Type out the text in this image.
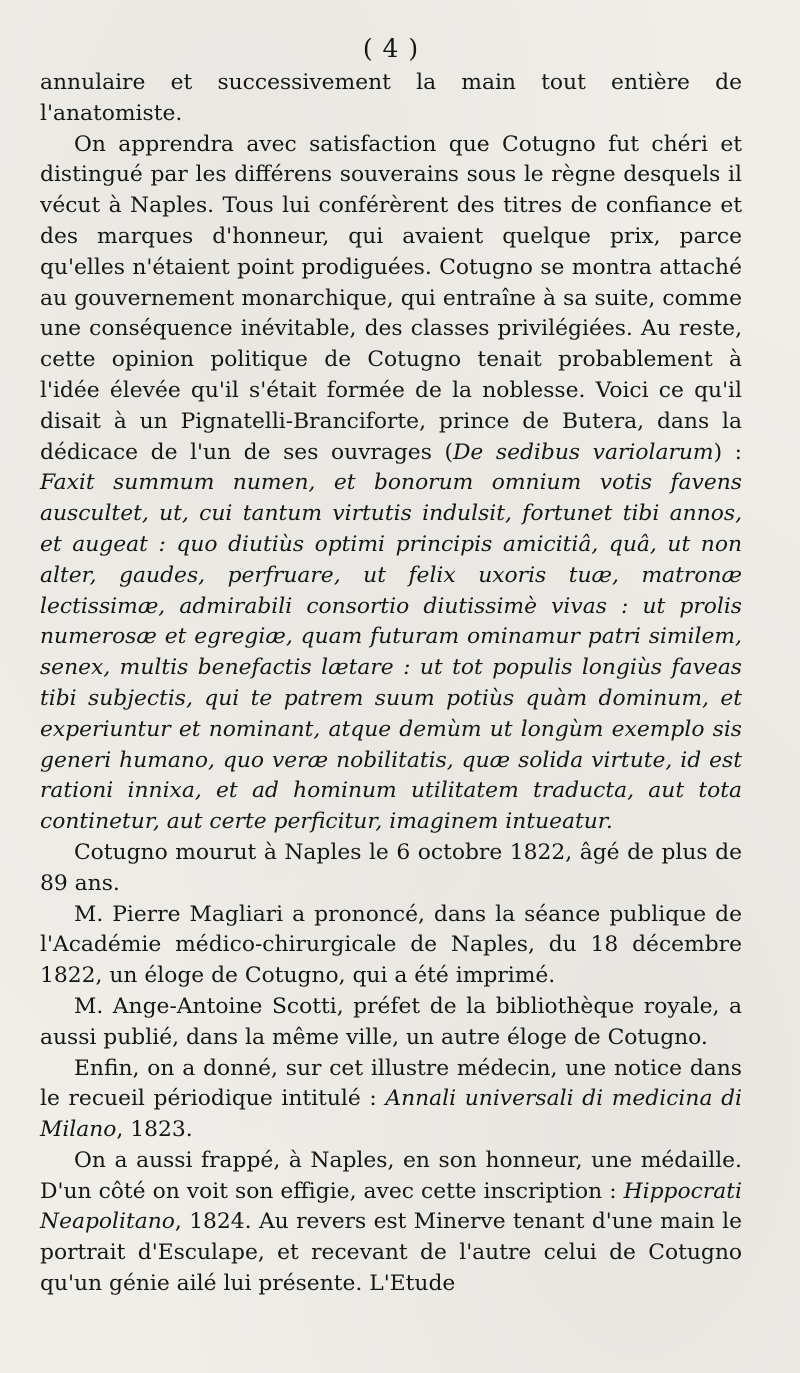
( 4 )

annulaire et successivement la main tout entière de l'anatomiste.

On apprendra avec satisfaction que Cotugno fut chéri et distingué par les différens souverains sous le règne desquels il vécut à Naples. Tous lui conférèrent des titres de confiance et des marques d'honneur, qui avaient quelque prix, parce qu'elles n'étaient point prodiguées. Cotugno se montra attaché au gouvernement monarchique, qui entraîne à sa suite, comme une conséquence inévitable, des classes privilégiées. Au reste, cette opinion politique de Cotugno tenait probablement à l'idée élevée qu'il s'était formée de la noblesse. Voici ce qu'il disait à un Pignatelli-Branciforte, prince de Butera, dans la dédicace de l'un de ses ouvrages (De sedibus variolarum) : Faxit summum numen, et bonorum omnium votis favens auscultet, ut, cui tantum virtutis indulsit, fortunet tibi annos, et augeat : quo diutiùs optimi principis amicitiâ, quâ, ut non alter, gaudes, perfruare, ut felix uxoris tuæ, matronæ lectissimæ, admirabili consortio diutissimè vivas : ut prolis numerosæ et egregiæ, quam futuram ominamur patri similem, senex, multis benefactis lætare : ut tot populis longiùs faveas tibi subjectis, qui te patrem suum potiùs quàm dominum, et experiuntur et nominant, atque demùm ut longùm exemplo sis generi humano, quo veræ nobilitatis, quæ solida virtute, id est rationi innixa, et ad hominum utilitatem traducta, aut tota continetur, aut certe perficitur, imaginem intueatur.

Cotugno mourut à Naples le 6 octobre 1822, âgé de plus de 89 ans.

M. Pierre Magliari a prononcé, dans la séance publique de l'Académie médico-chirurgicale de Naples, du 18 décembre 1822, un éloge de Cotugno, qui a été imprimé.

M. Ange-Antoine Scotti, préfet de la bibliothèque royale, a aussi publié, dans la même ville, un autre éloge de Cotugno.

Enfin, on a donné, sur cet illustre médecin, une notice dans le recueil périodique intitulé : Annali universali di medicina di Milano, 1823.

On a aussi frappé, à Naples, en son honneur, une médaille. D'un côté on voit son effigie, avec cette inscription : Hippocrati Neapolitano, 1824. Au revers est Minerve tenant d'une main le portrait d'Esculape, et recevant de l'autre celui de Cotugno qu'un génie ailé lui présente. L'Etude
